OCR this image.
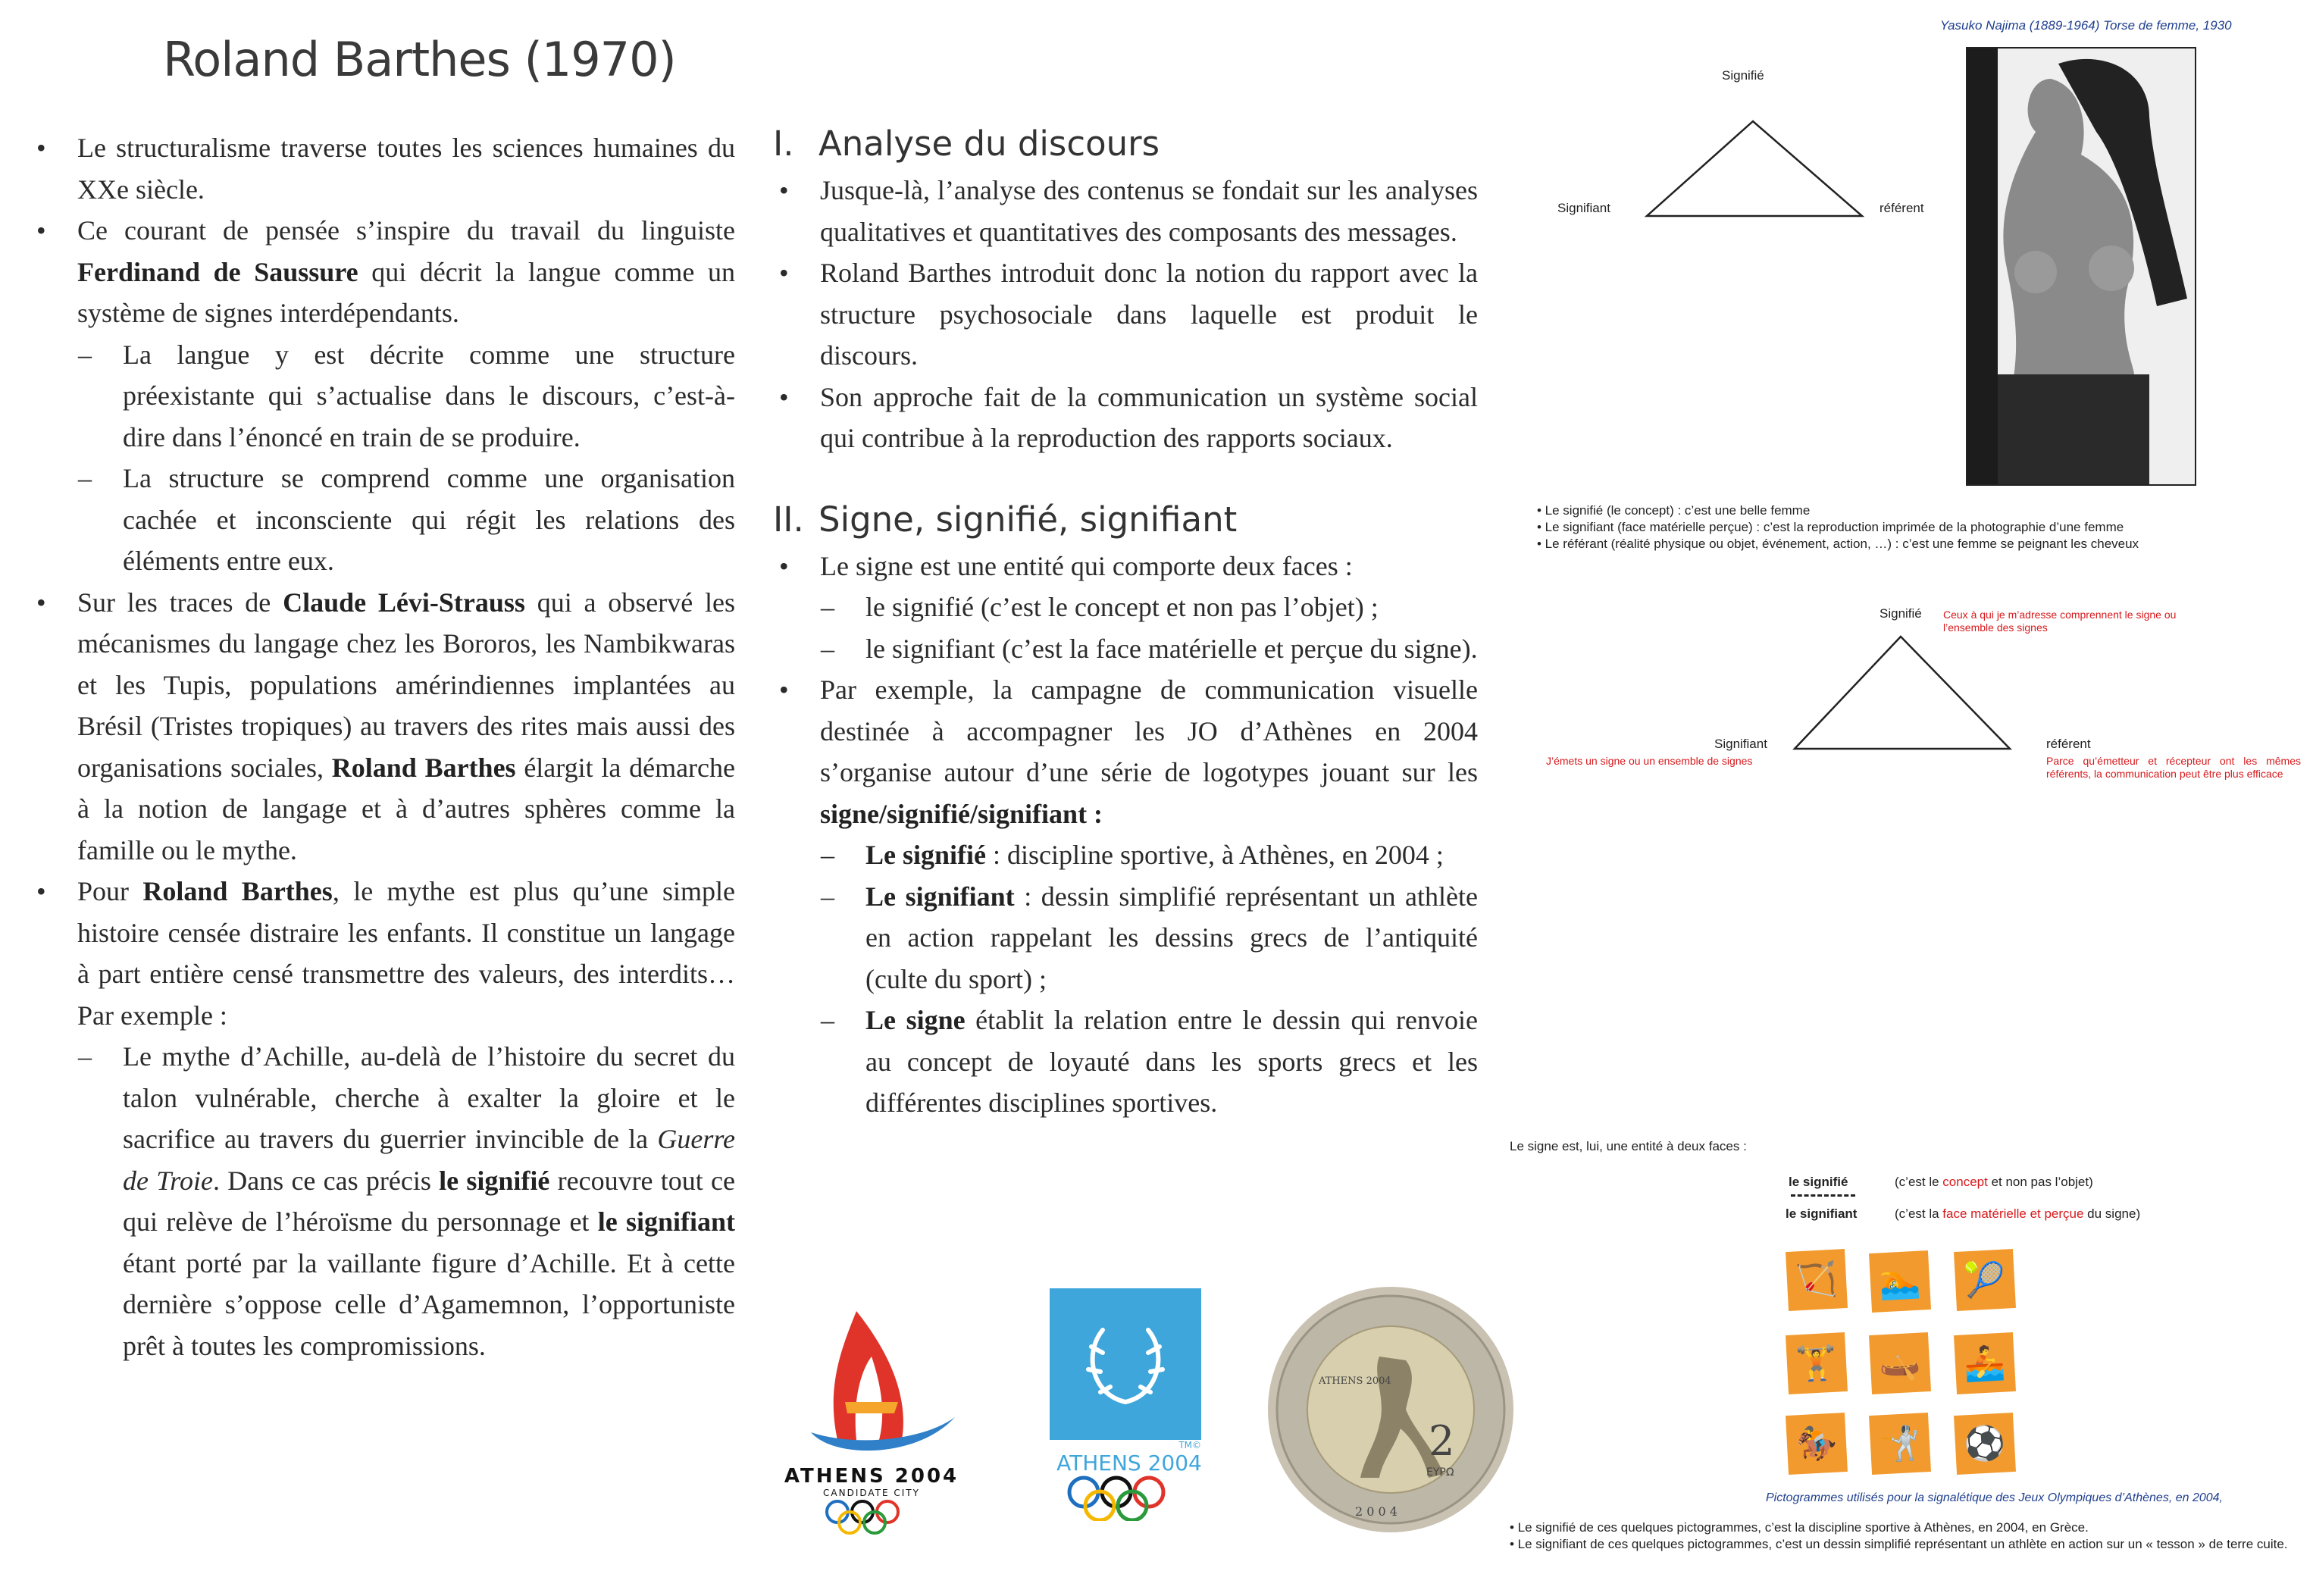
Roland Barthes (1970)
• Le structuralisme traverse toutes les sciences humaines du XXe siècle.
• Ce courant de pensée s’inspire du travail du linguiste Ferdinand de Saussure qui décrit la langue comme un système de signes interdépendants.
– La langue y est décrite comme une structure préexistante qui s’actualise dans le discours, c’est-à-dire dans l’énoncé en train de se produire.
– La structure se comprend comme une organisation cachée et inconsciente qui régit les relations des éléments entre eux.
• Sur les traces de Claude Lévi-Strauss qui a observé les mécanismes du langage chez les Bororos, les Nambikwaras et les Tupis, populations amérindiennes implantées au Brésil (Tristes tropiques) au travers des rites mais aussi des organisations sociales, Roland Barthes élargit la démarche à la notion de langage et à d’autres sphères comme la famille ou le mythe.
• Pour Roland Barthes, le mythe est plus qu’une simple histoire censée distraire les enfants. Il constitue un langage à part entière censé transmettre des valeurs, des interdits… Par exemple :
– Le mythe d’Achille, au-delà de l’histoire du secret du talon vulnérable, cherche à exalter la gloire et le sacrifice au travers du guerrier invincible de la Guerre de Troie. Dans ce cas précis le signifié recouvre tout ce qui relève de l’héroïsme du personnage et le signifiant étant porté par la vaillante figure d’Achille. Et à cette dernière s’oppose celle d’Agamemnon, l’opportuniste prêt à toutes les compromissions.
I. Analyse du discours
• Jusque-là, l’analyse des contenus se fondait sur les analyses qualitatives et quantitatives des composants des messages.
• Roland Barthes introduit donc la notion du rapport avec la structure psychosociale dans laquelle est produit le discours.
• Son approche fait de la communication un système social qui contribue à la reproduction des rapports sociaux.
II. Signe, signifié, signifiant
• Le signe est une entité qui comporte deux faces :
– le signifié (c’est le concept et non pas l’objet) ;
– le signifiant (c’est la face matérielle et perçue du signe).
• Par exemple, la campagne de communication visuelle destinée à accompagner les JO d’Athènes en 2004 s’organise autour d’une série de logotypes jouant sur les signe/signifié/signifiant :
– Le signifié : discipline sportive, à Athènes, en 2004 ;
– Le signifiant : dessin simplifié représentant un athlète en action rappelant les dessins grecs de l’antiquité (culte du sport) ;
– Le signe établit la relation entre le dessin qui renvoie au concept de loyauté dans les sports grecs et les différentes disciplines sportives.
ATHENS 2004
CANDIDATE CITY
TM©
ATHENS 2004
ATHENS 2004
2
ΕΥΡΩ
2 0 0 4
Yasuko Najima (1889-1964) Torse de femme, 1930
Signifié
Signifiant	référent
• Le signifié (le concept) : c’est une belle femme
• Le signifiant (face matérielle perçue) : c’est la reproduction imprimée de la photographie d’une femme
• Le référant (réalité physique ou objet, événement, action, …) : c’est une femme se peignant les cheveux
Signifié Ceux à qui je m’adresse comprennent le signe ou l’ensemble des signes
Signifiant
J’émets un signe ou un ensemble de signes
référent
Parce qu’émetteur et récepteur ont les mêmes référents, la communication peut être plus efficace
Le signe est, lui, une entité à deux faces :
le signifié	(c’est le concept et non pas l’objet)
le signifiant	(c’est la face matérielle et perçue du signe)
🏹 🏊 🎾
🏋 🛶 🚣
🏇 🤺 ⚽
Pictogrammes utilisés pour la signalétique des Jeux Olympiques d’Athènes, en 2004,
• Le signifié de ces quelques pictogrammes, c’est la discipline sportive à Athènes, en 2004, en Grèce.
• Le signifiant de ces quelques pictogrammes, c’est un dessin simplifié représentant un athlète en action sur un « tesson » de terre cuite.
